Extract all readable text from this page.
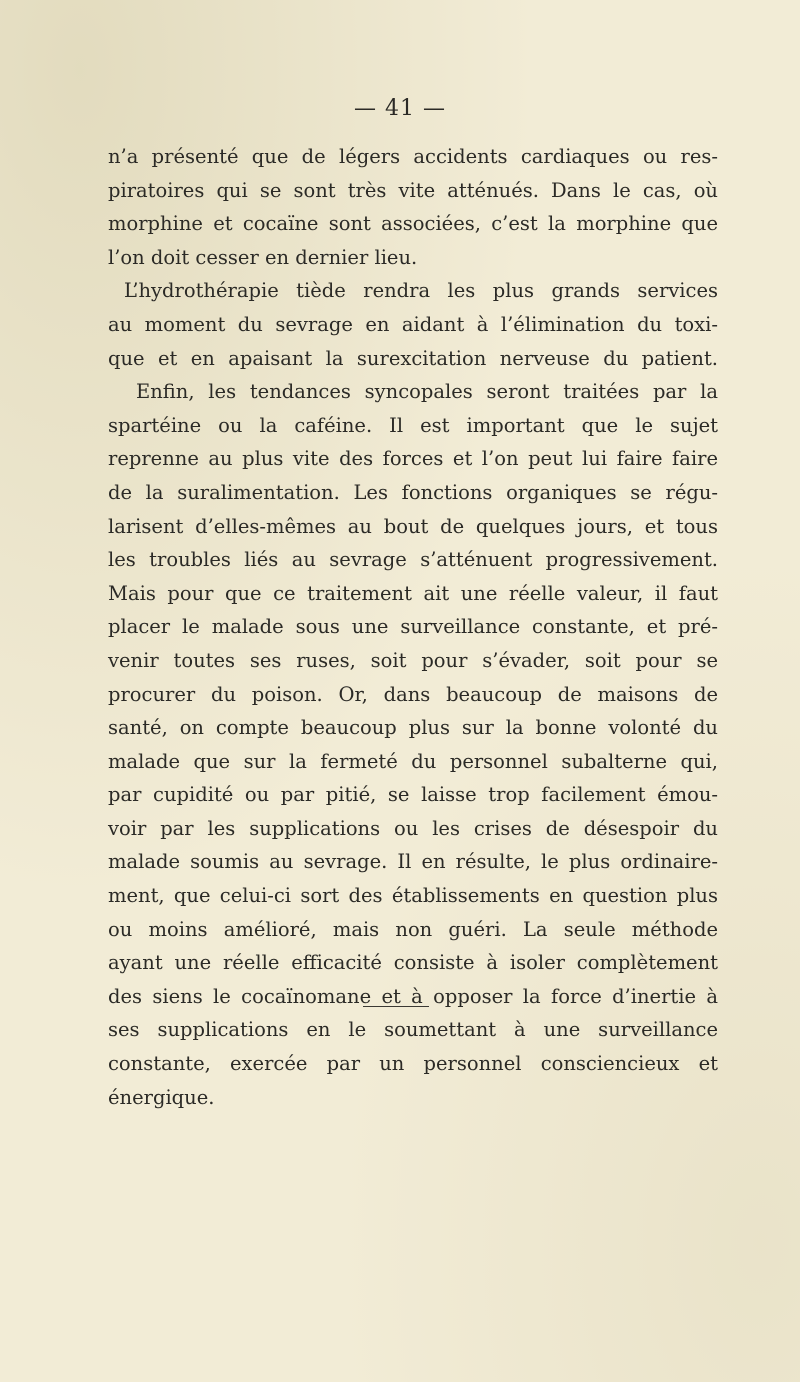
— 41 —
n’a présenté que de légers accidents cardiaques ou res-
piratoires qui se sont très vite atténués. Dans le cas, où
morphine et cocaïne sont associées, c’est la morphine que
l’on doit cesser en dernier lieu.
L’hydrothérapie tiède rendra les plus grands services
au moment du sevrage en aidant à l’élimination du toxi-
que et en apaisant la surexcitation nerveuse du patient.
Enfin, les tendances syncopales seront traitées par la
spartéine ou la caféine. Il est important que le sujet
reprenne au plus vite des forces et l’on peut lui faire faire
de la suralimentation. Les fonctions organiques se régu-
larisent d’elles-mêmes au bout de quelques jours, et tous
les troubles liés au sevrage s’atténuent progressivement.
Mais pour que ce traitement ait une réelle valeur, il faut
placer le malade sous une surveillance constante, et pré-
venir toutes ses ruses, soit pour s’évader, soit pour se
procurer du poison. Or, dans beaucoup de maisons de
santé, on compte beaucoup plus sur la bonne volonté du
malade que sur la fermeté du personnel subalterne qui,
par cupidité ou par pitié, se laisse trop facilement émou-
voir par les supplications ou les crises de désespoir du
malade soumis au sevrage. Il en résulte, le plus ordinaire-
ment, que celui-ci sort des établissements en question plus
ou moins amélioré, mais non guéri. La seule méthode
ayant une réelle efficacité consiste à isoler complètement
des siens le cocaïnomane et à opposer la force d’inertie à
ses supplications en le soumettant à une surveillance
constante, exercée par un personnel consciencieux et
énergique.
